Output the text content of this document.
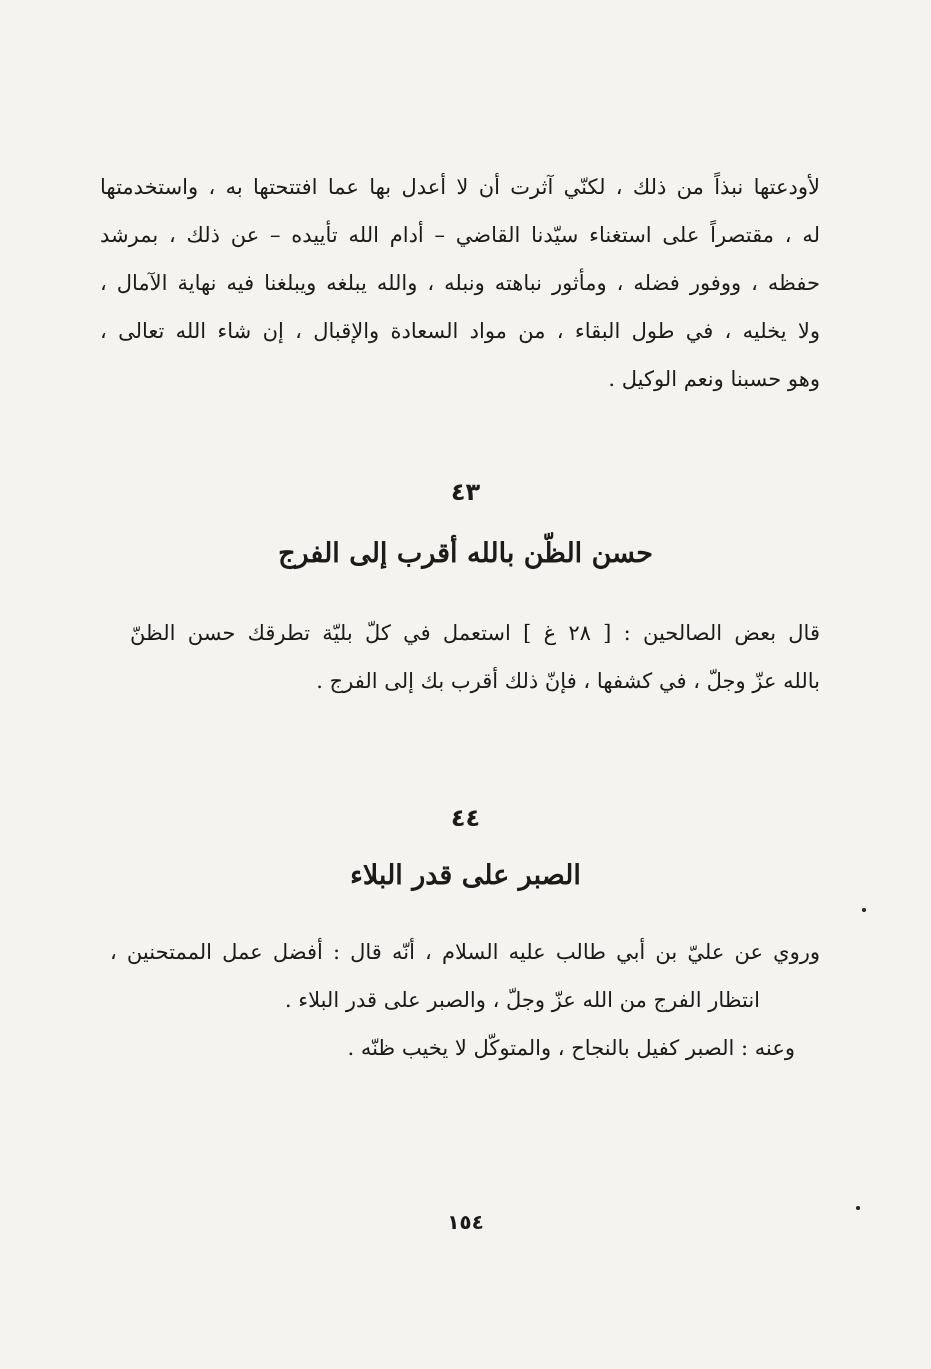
لأودعتها نبذاً من ذلك ، لكنّي آثرت أن لا أعدل بها عما افتتحتها به ، واستخدمتها
له ، مقتصراً على استغناء سيّدنا القاضي – أدام الله تأييده – عن ذلك ، بمرشد
حفظه ، ووفور فضله ، ومأثور نباهته ونبله ، والله يبلغه ويبلغنا فيه نهاية الآمال ،
ولا يخليه ، في طول البقاء ، من مواد السعادة والإقبال ، إن شاء الله تعالى ،
وهو حسبنا ونعم الوكيل .
٤٣
حسن الظّن بالله أقرب إلى الفرج
قال بعض الصالحين : [ ٢٨ غ ] استعمل في كلّ بليّة تطرقك حسن الظنّ
بالله عزّ وجلّ ، في كشفها ، فإنّ ذلك أقرب بك إلى الفرج .
٤٤
الصبر على قدر البلاء
وروي عن عليّ بن أبي طالب عليه السلام ، أنّه قال : أفضل عمل الممتحنين ،
انتظار الفرج من الله عزّ وجلّ ، والصبر على قدر البلاء .
وعنه : الصبر كفيل بالنجاح ، والمتوكّل لا يخيب ظنّه .
١٥٤
